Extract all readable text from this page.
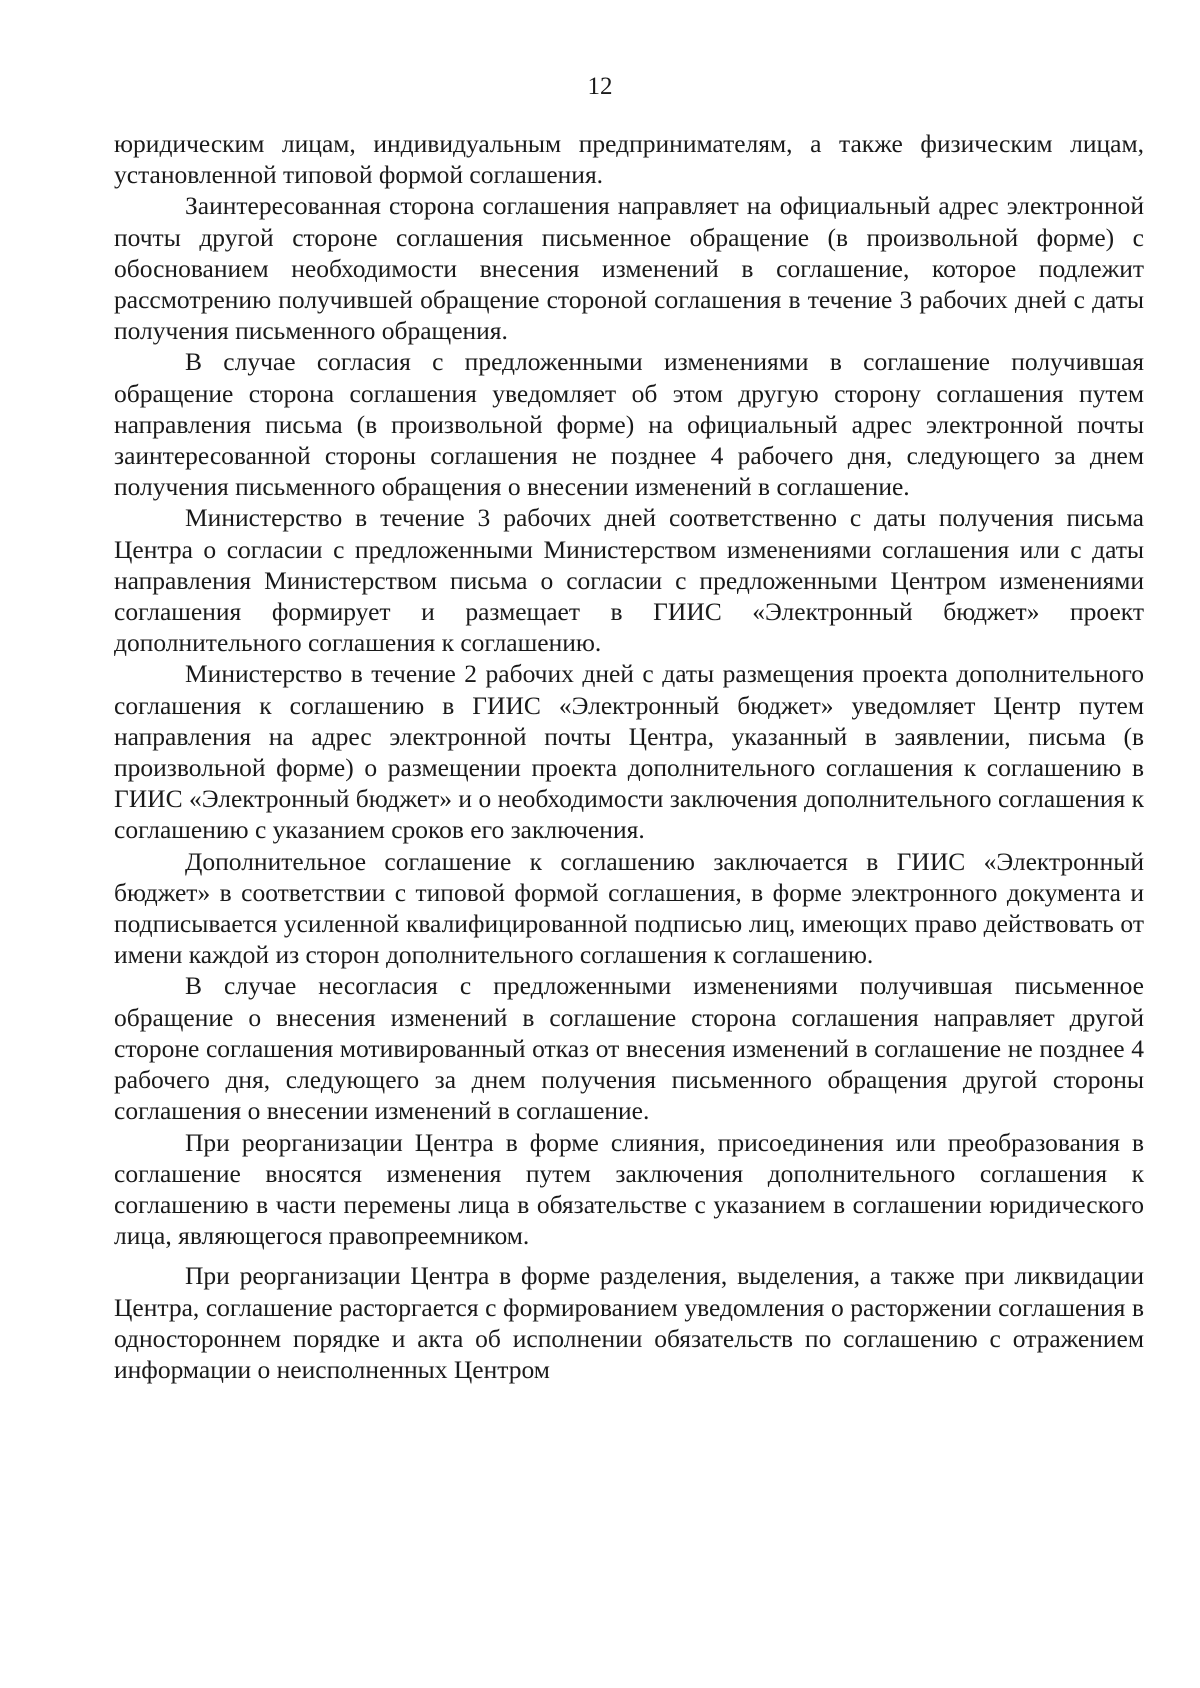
12

юридическим лицам, индивидуальным предпринимателям, а также физическим лицам, установленной типовой формой соглашения.

Заинтересованная сторона соглашения направляет на официальный адрес электронной почты другой стороне соглашения письменное обращение (в произвольной форме) с обоснованием необходимости внесения изменений в соглашение, которое подлежит рассмотрению получившей обращение стороной соглашения в течение 3 рабочих дней с даты получения письменного обращения.

В случае согласия с предложенными изменениями в соглашение получившая обращение сторона соглашения уведомляет об этом другую сторону соглашения путем направления письма (в произвольной форме) на официальный адрес электронной почты заинтересованной стороны соглашения не позднее 4 рабочего дня, следующего за днем получения письменного обращения о внесении изменений в соглашение.

Министерство в течение 3 рабочих дней соответственно с даты получения письма Центра о согласии с предложенными Министерством изменениями соглашения или с даты направления Министерством письма о согласии с предложенными Центром изменениями соглашения формирует и размещает в ГИИС «Электронный бюджет» проект дополнительного соглашения к соглашению.

Министерство в течение 2 рабочих дней с даты размещения проекта дополнительного соглашения к соглашению в ГИИС «Электронный бюджет» уведомляет Центр путем направления на адрес электронной почты Центра, указанный в заявлении, письма (в произвольной форме) о размещении проекта дополнительного соглашения к соглашению в ГИИС «Электронный бюджет» и о необходимости заключения дополнительного соглашения к соглашению с указанием сроков его заключения.

Дополнительное соглашение к соглашению заключается в ГИИС «Электронный бюджет» в соответствии с типовой формой соглашения, в форме электронного документа и подписывается усиленной квалифицированной подписью лиц, имеющих право действовать от имени каждой из сторон дополнительного соглашения к соглашению.

В случае несогласия с предложенными изменениями получившая письменное обращение о внесения изменений в соглашение сторона соглашения направляет другой стороне соглашения мотивированный отказ от внесения изменений в соглашение не позднее 4 рабочего дня, следующего за днем получения письменного обращения другой стороны соглашения о внесении изменений в соглашение.

При реорганизации Центра в форме слияния, присоединения или преобразования в соглашение вносятся изменения путем заключения дополнительного соглашения к соглашению в части перемены лица в обязательстве с указанием в соглашении юридического лица, являющегося правопреемником.

При реорганизации Центра в форме разделения, выделения, а также при ликвидации Центра, соглашение расторгается с формированием уведомления о расторжении соглашения в одностороннем порядке и акта об исполнении обязательств по соглашению с отражением информации о неисполненных Центром
